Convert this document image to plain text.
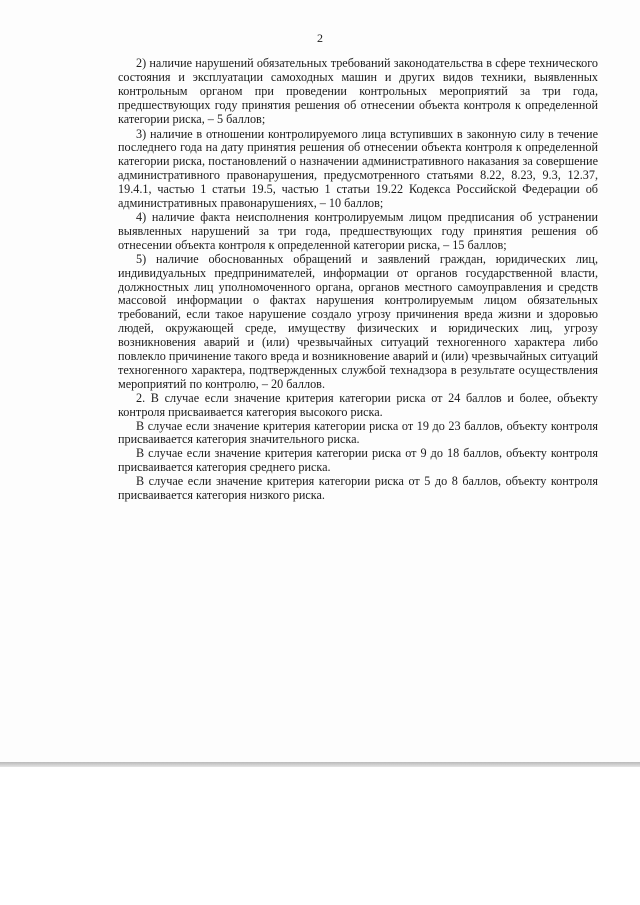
2

2) наличие нарушений обязательных требований законодательства в сфере технического состояния и эксплуатации самоходных машин и других видов техники, выявленных контрольным органом при проведении контрольных мероприятий за три года, предшествующих году принятия решения об отнесении объекта контроля к определенной категории риска, – 5 баллов;

3) наличие в отношении контролируемого лица вступивших в законную силу в течение последнего года на дату принятия решения об отнесении объекта контроля к определенной категории риска, постановлений о назначении административного наказания за совершение административного правонарушения, предусмотренного статьями 8.22, 8.23, 9.3, 12.37, 19.4.1, частью 1 статьи 19.5, частью 1 статьи 19.22 Кодекса Российской Федерации об административных правонарушениях, – 10 баллов;

4) наличие факта неисполнения контролируемым лицом предписания об устранении выявленных нарушений за три года, предшествующих году принятия решения об отнесении объекта контроля к определенной категории риска, – 15 баллов;

5) наличие обоснованных обращений и заявлений граждан, юридических лиц, индивидуальных предпринимателей, информации от органов государственной власти, должностных лиц уполномоченного органа, органов местного самоуправления и средств массовой информации о фактах нарушения контролируемым лицом обязательных требований, если такое нарушение создало угрозу причинения вреда жизни и здоровью людей, окружающей среде, имуществу физических и юридических лиц, угрозу возникновения аварий и (или) чрезвычайных ситуаций техногенного характера либо повлекло причинение такого вреда и возникновение аварий и (или) чрезвычайных ситуаций техногенного характера, подтвержденных службой технадзора в результате осуществления мероприятий по контролю, – 20 баллов.

2. В случае если значение критерия категории риска от 24 баллов и более, объекту контроля присваивается категория высокого риска.

В случае если значение критерия категории риска от 19 до 23 баллов, объекту контроля присваивается категория значительного риска.

В случае если значение критерия категории риска от 9 до 18 баллов, объекту контроля присваивается категория среднего риска.

В случае если значение критерия категории риска от 5 до 8 баллов, объекту контроля присваивается категория низкого риска.
